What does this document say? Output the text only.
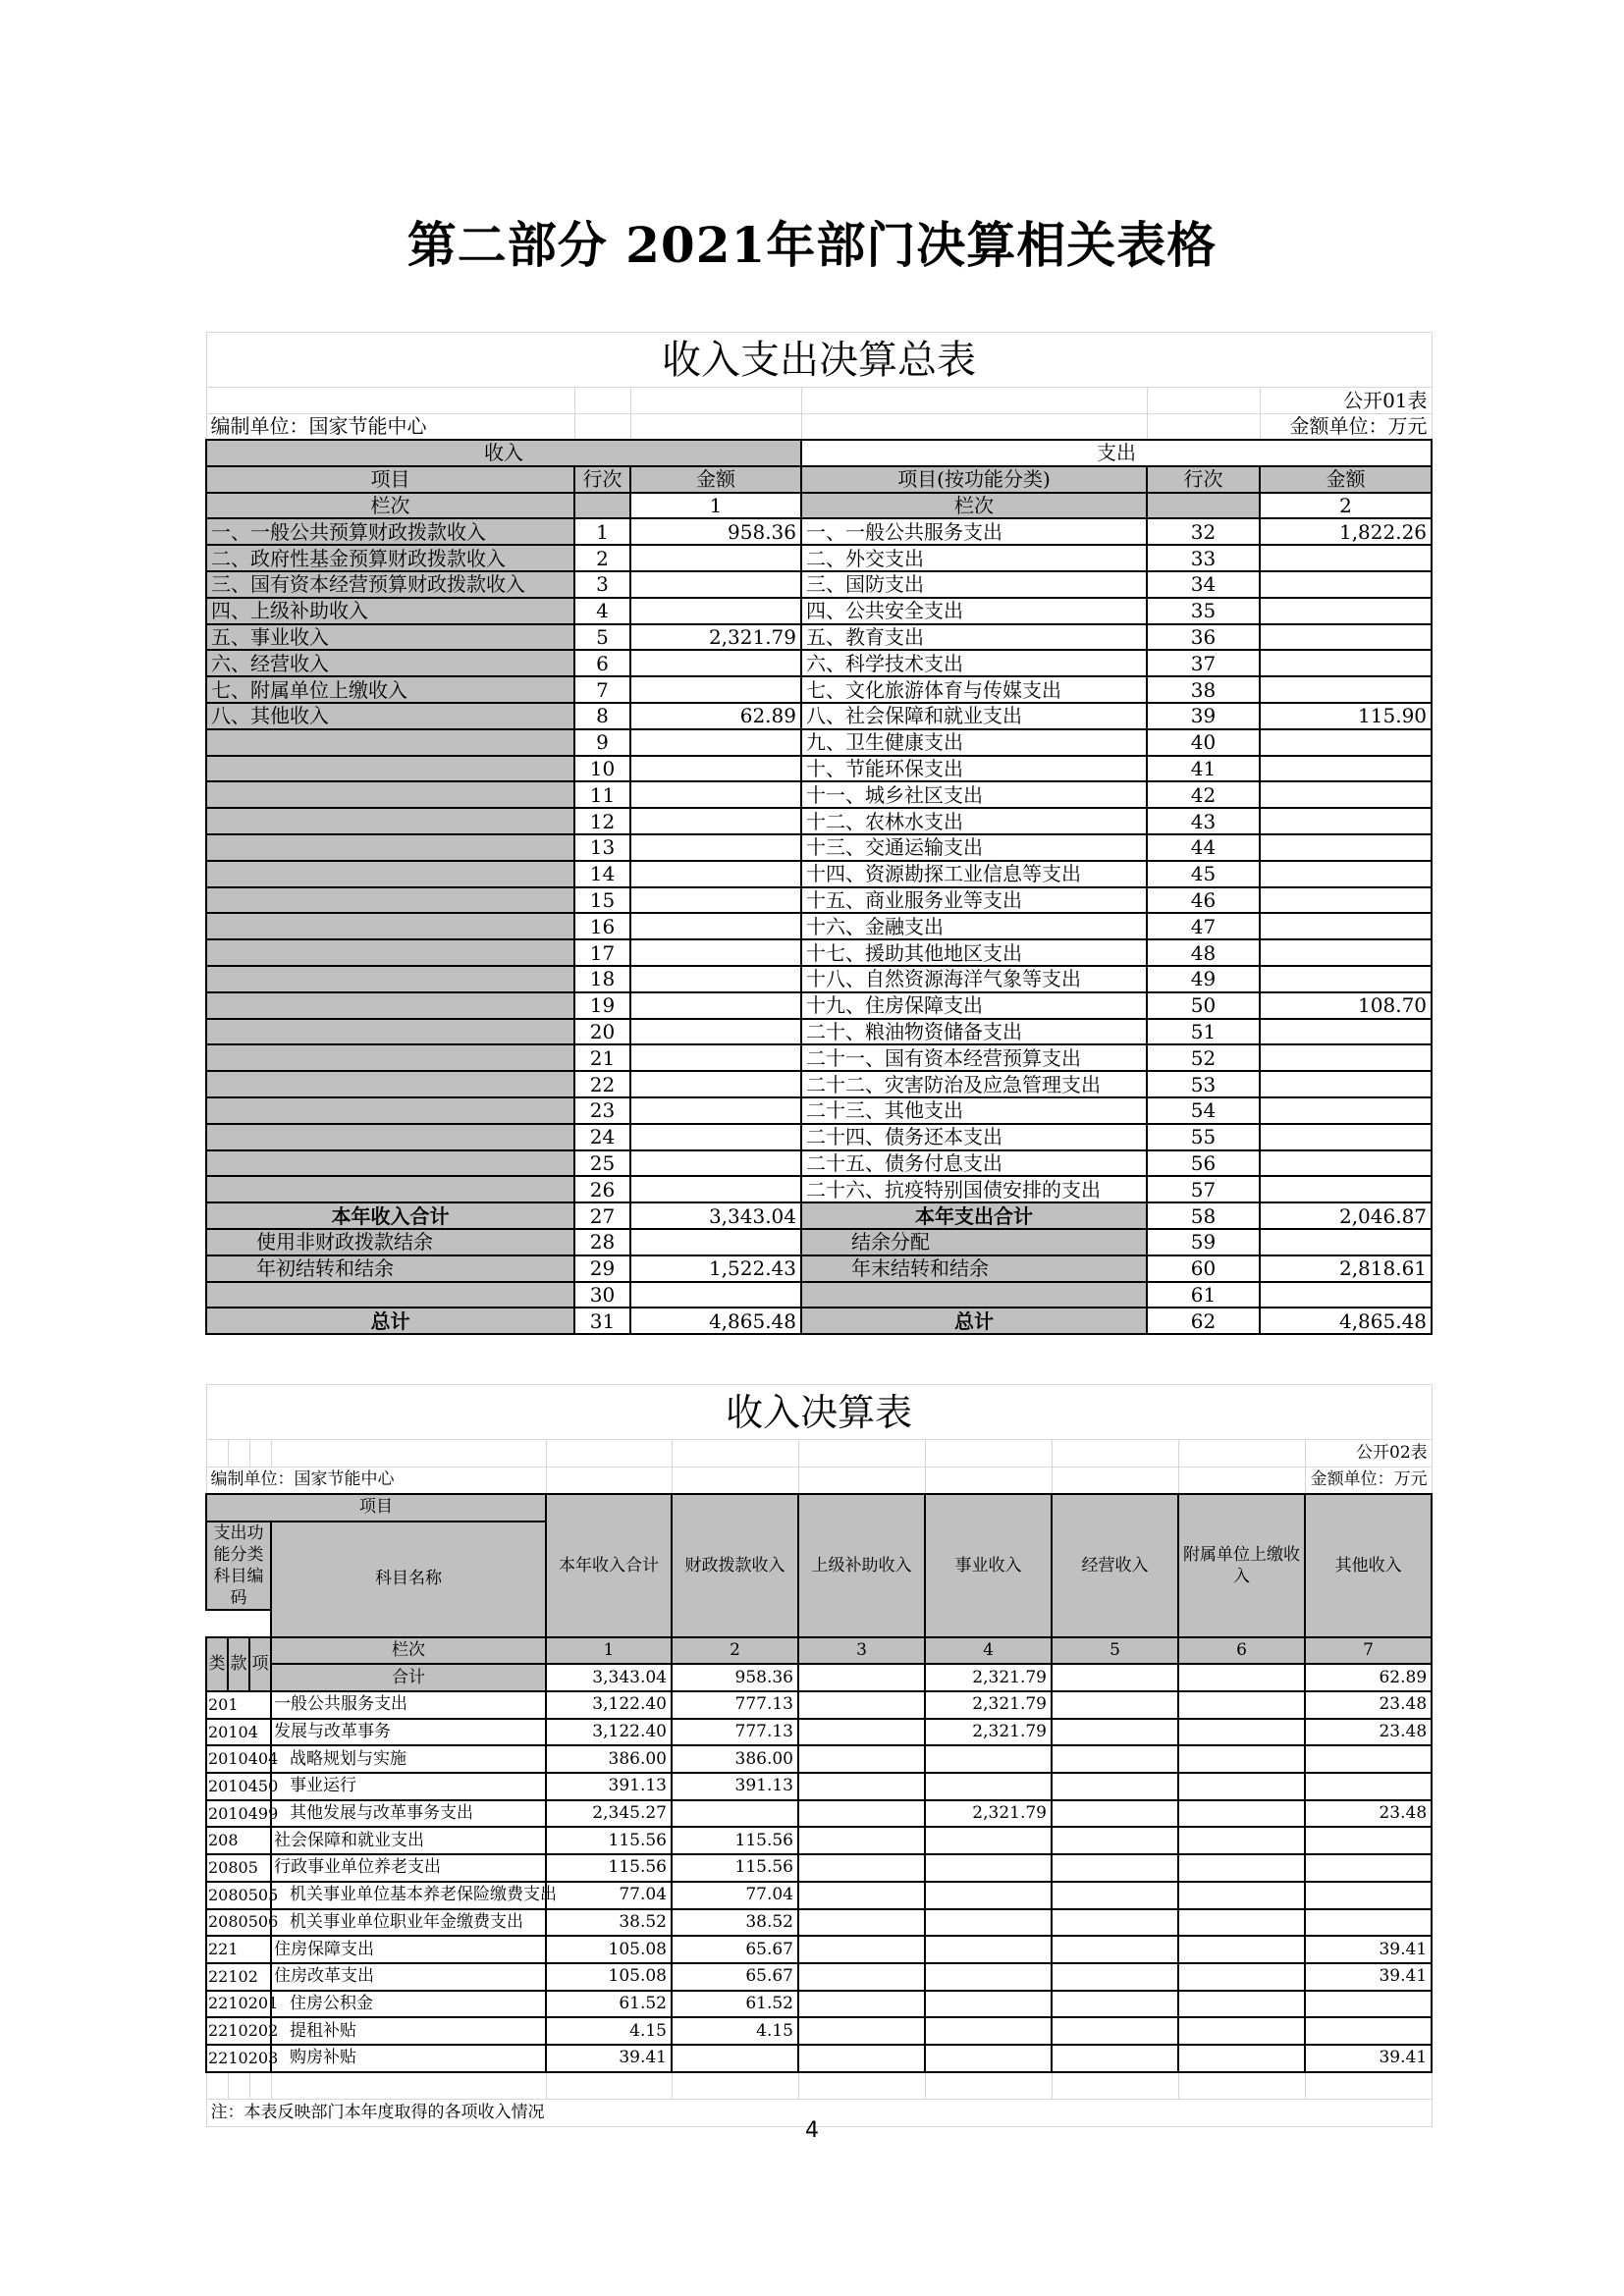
第二部分 2021年部门决算相关表格
收入支出决算总表					
					公开01表
编制单位：国家节能中心					金额单位：万元
收入			支出		
项目	行次	金额	项目(按功能分类)	行次	金额
栏次		1	栏次		2
一、一般公共预算财政拨款收入	1	958.36	一、一般公共服务支出	32	1,822.26
二、政府性基金预算财政拨款收入	2		二、外交支出	33	
三、国有资本经营预算财政拨款收入	3		三、国防支出	34	
四、上级补助收入	4		四、公共安全支出	35	
五、事业收入	5	2,321.79	五、教育支出	36	
六、经营收入	6		六、科学技术支出	37	
七、附属单位上缴收入	7		七、文化旅游体育与传媒支出	38	
八、其他收入	8	62.89	八、社会保障和就业支出	39	115.90
	9		九、卫生健康支出	40	
	10		十、节能环保支出	41	
	11		十一、城乡社区支出	42	
	12		十二、农林水支出	43	
	13		十三、交通运输支出	44	
	14		十四、资源勘探工业信息等支出	45	
	15		十五、商业服务业等支出	46	
	16		十六、金融支出	47	
	17		十七、援助其他地区支出	48	
	18		十八、自然资源海洋气象等支出	49	
	19		十九、住房保障支出	50	108.70
	20		二十、粮油物资储备支出	51	
	21		二十一、国有资本经营预算支出	52	
	22		二十二、灾害防治及应急管理支出	53	
	23		二十三、其他支出	54	
	24		二十四、债务还本支出	55	
	25		二十五、债务付息支出	56	
	26		二十六、抗疫特别国债安排的支出	57	
本年收入合计	27	3,343.04	本年支出合计	58	2,046.87
使用非财政拨款结余	28		结余分配	59	
年初结转和结余	29	1,522.43	年末结转和结余	60	2,818.61
	30			61	
总计	31	4,865.48	总计	62	4,865.48
收入决算表										
										公开02表
编制单位：国家节能中心										金额单位：万元
项目				本年收入合计	财政拨款收入	上级补助收入	事业收入	经营收入	附属单位上缴收入	其他收入
支出功能分类科目编码			科目名称							

类	款	项	栏次	1	2	3	4	5	6	7
			合计	3,343.04	958.36		2,321.79			62.89
201			一般公共服务支出	3,122.40	777.13		2,321.79			23.48
20104			发展与改革事务	3,122.40	777.13		2,321.79			23.48
2010404			战略规划与实施	386.00	386.00					
2010450			事业运行	391.13	391.13					
2010499			其他发展与改革事务支出	2,345.27			2,321.79			23.48
208			社会保障和就业支出	115.56	115.56					
20805			行政事业单位养老支出	115.56	115.56					
2080505			机关事业单位基本养老保险缴费支出	77.04	77.04					
2080506			机关事业单位职业年金缴费支出	38.52	38.52					
221			住房保障支出	105.08	65.67					39.41
22102			住房改革支出	105.08	65.67					39.41
2210201			住房公积金	61.52	61.52					
2210202			提租补贴	4.15	4.15					
2210203			购房补贴	39.41						39.41

注：本表反映部门本年度取得的各项收入情况										
4
